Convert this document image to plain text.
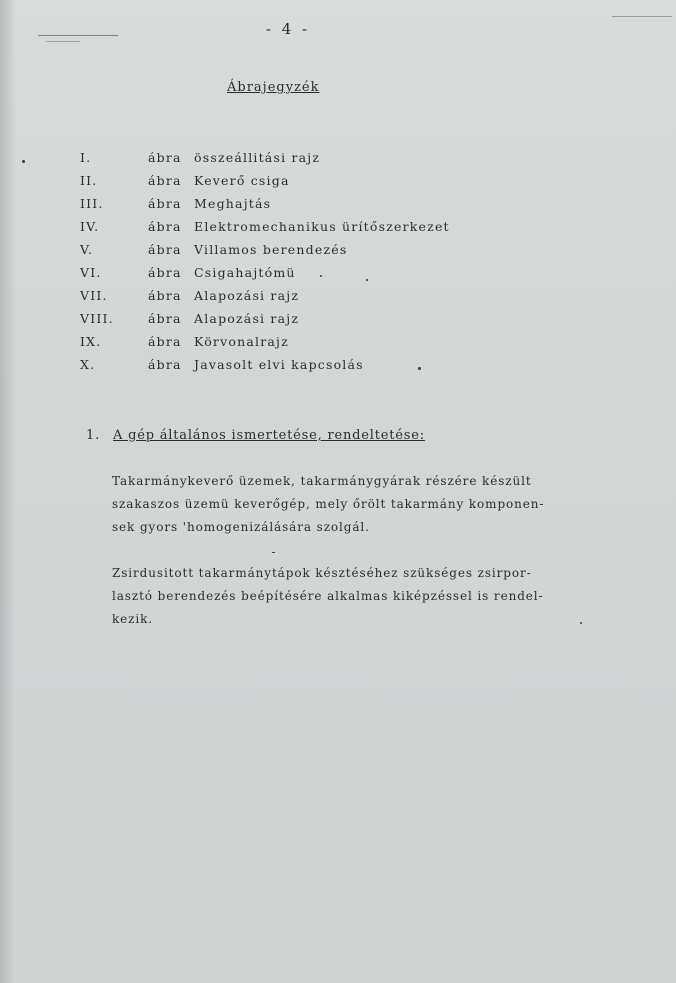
- 4 -
Ábrajegyzék
I.	ábra összeállitási rajz
II.	ábra Keverő csiga
III.	ábra Meghajtás
IV.	ábra Elektromechanikus ürítőszerkezet
V.	ábra Villamos berendezés
VI.	ábra Csigahajtómü
VII.	ábra Alapozási rajz
VIII.	ábra Alapozási rajz
IX.	ábra Körvonalrajz
X.	ábra Javasolt elvi kapcsolás
1. A gép általános ismertetése, rendeltetése:
Takarmánykeverő üzemek, takarmánygyárak részére készült
szakaszos üzemü keverőgép, mely őrölt takarmány komponen-
sek gyors 'homogenizálására szolgál.
Zsirdusitott takarmánytápok késztéséhez szükséges zsirpor-
lasztó berendezés beépítésére alkalmas kiképzéssel is rendel-
kezik.
